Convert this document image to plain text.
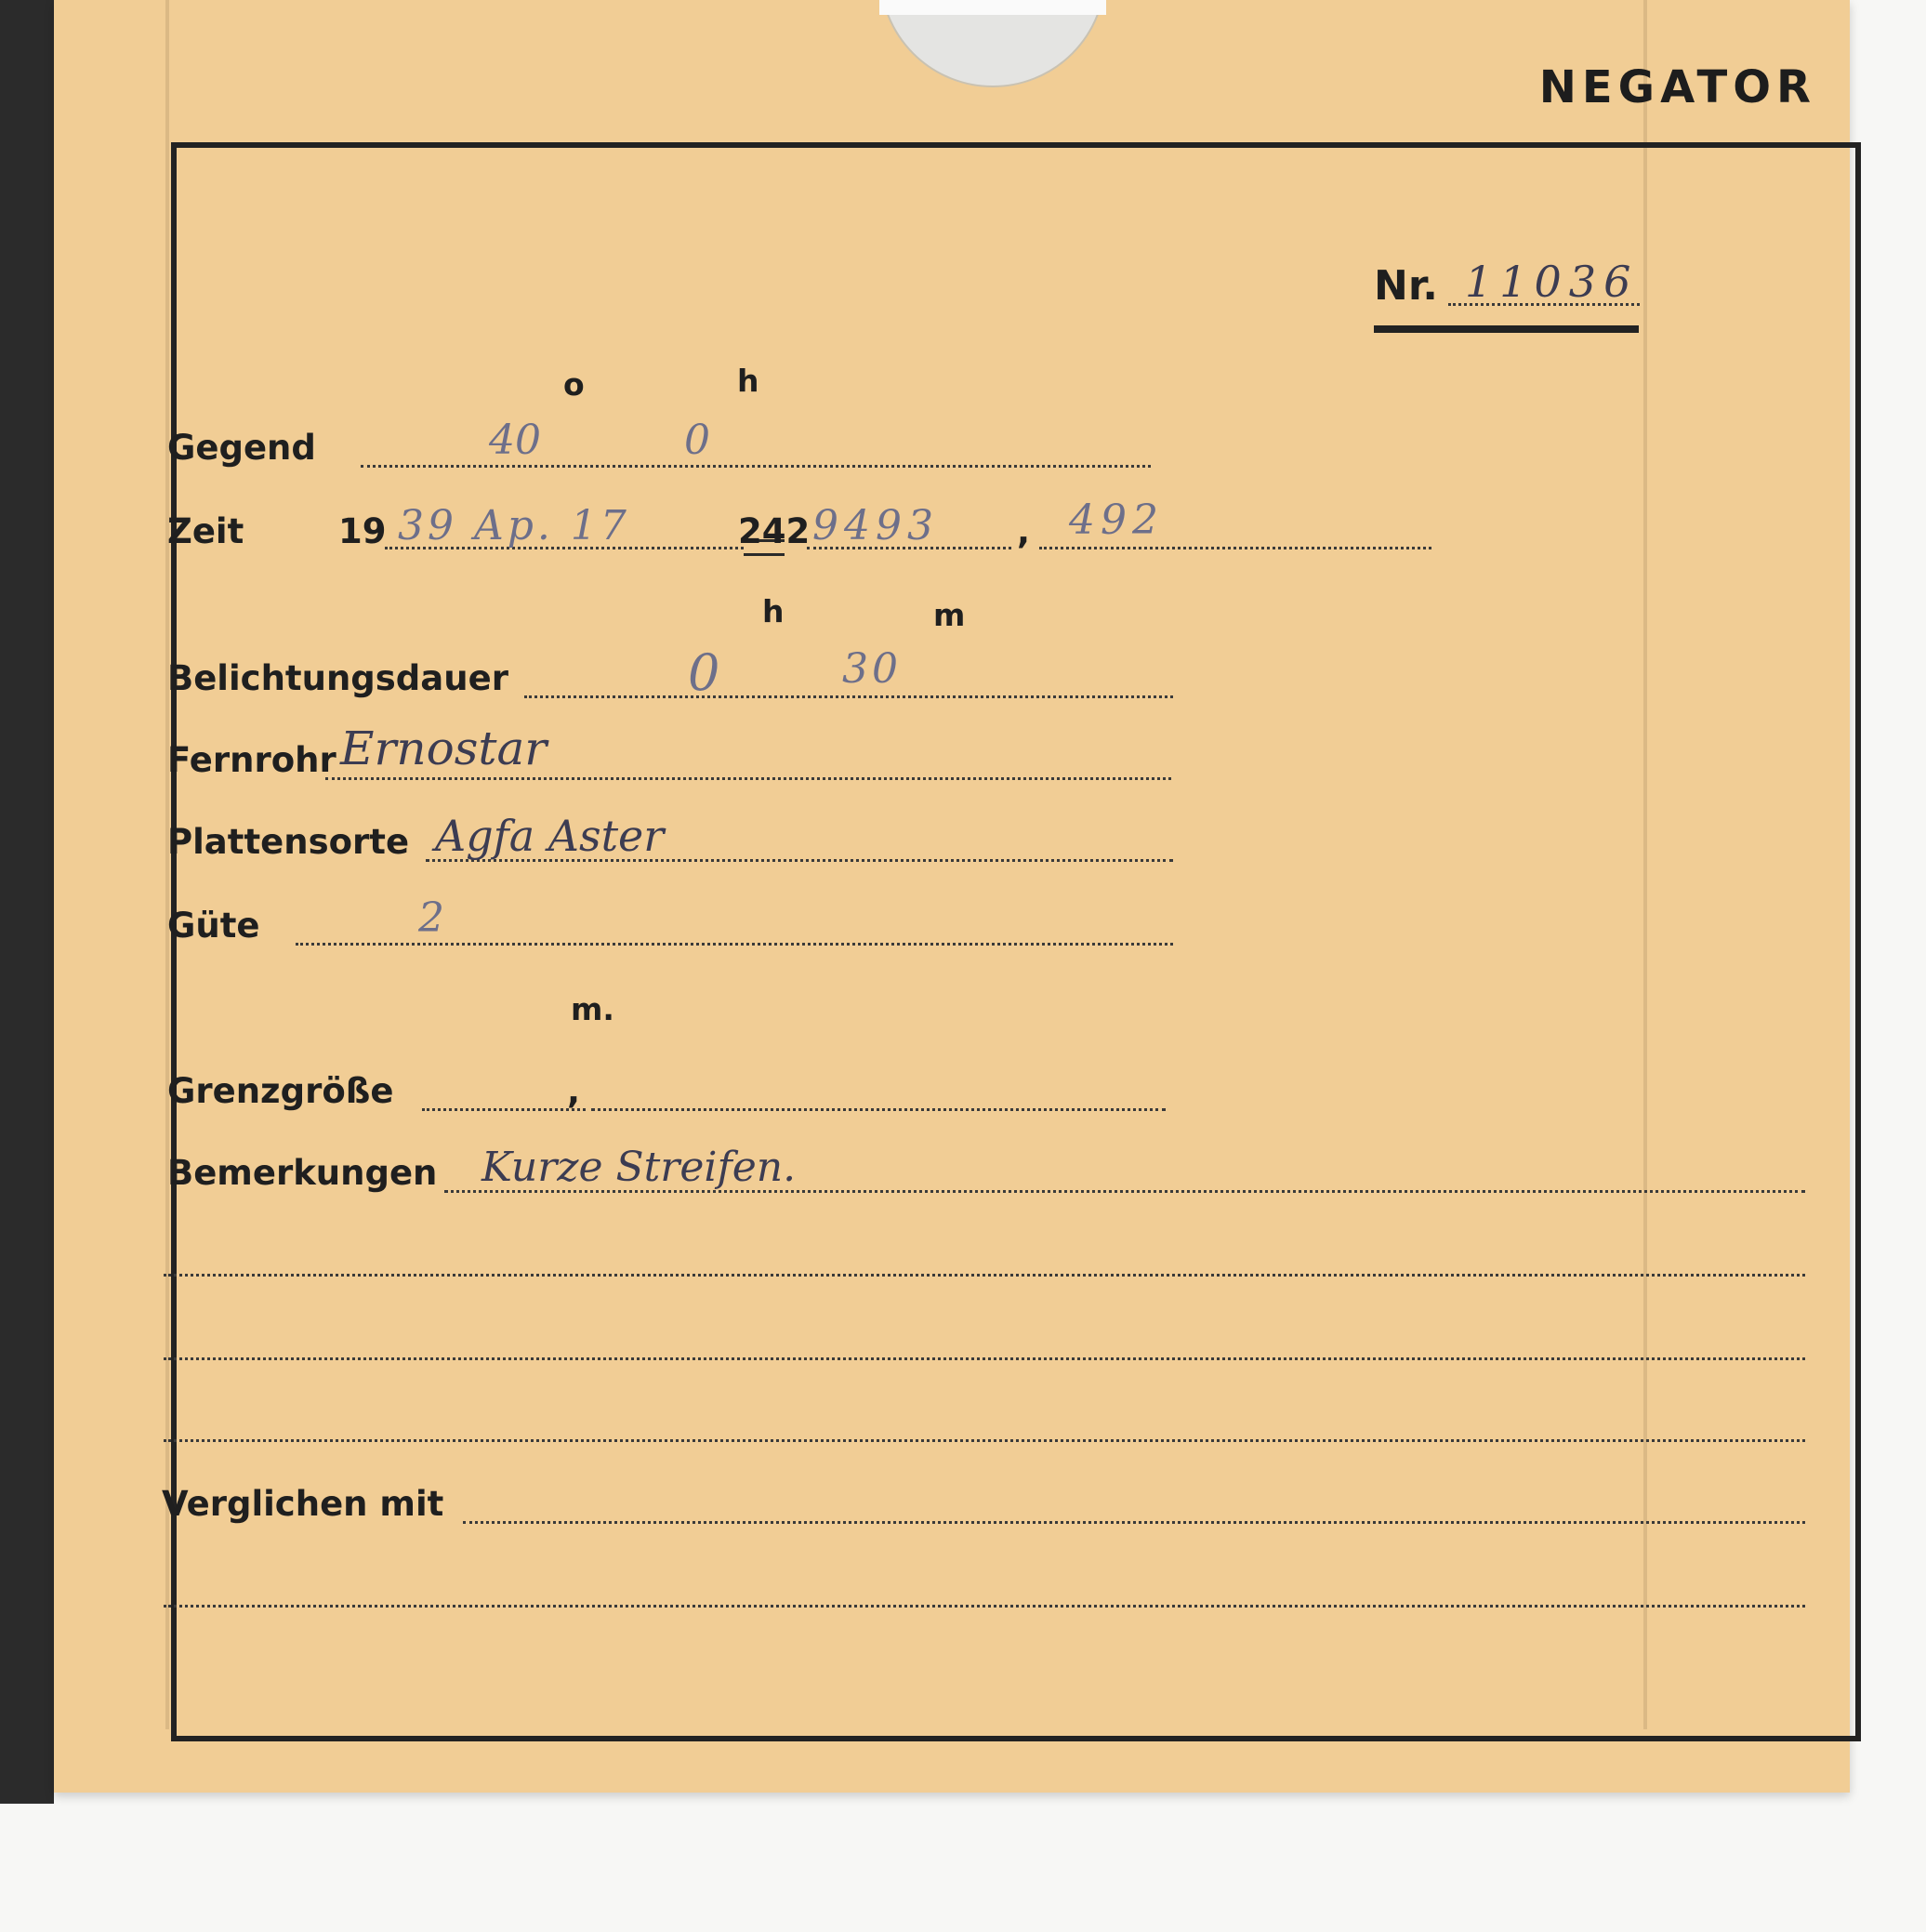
NEGATOR
Nr. 11036
o	h
Gegend	40	0
Zeit	19 39 Ap. 17	242 9493 , 492
h	m
Belichtungsdauer	0	30
Fernrohr Ernostar
Plattensorte Agfa Aster
Güte	2
m.
Grenzgröße	,
Bemerkungen Kurze Streifen.
Verglichen mit
